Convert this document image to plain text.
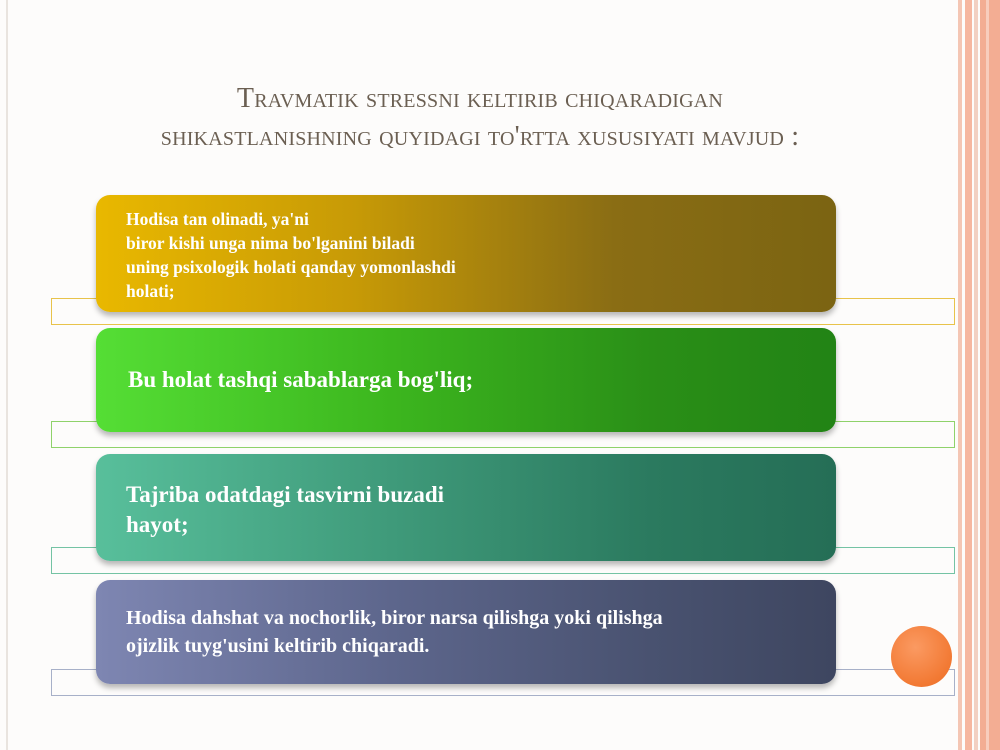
Travmatik stressni keltirib chiqaradigan
shikastlanishning quyidagi to'rtta xususiyati mavjud :
Hodisa tan olinadi, ya'ni
biror kishi unga nima bo'lganini biladi
uning psixologik holati qanday yomonlashdi
holati;
Bu holat tashqi sabablarga bog'liq;
Tajriba odatdagi tasvirni buzadi
hayot;
Hodisa dahshat va nochorlik, biror narsa qilishga yoki qilishga
ojizlik tuyg'usini keltirib chiqaradi.
